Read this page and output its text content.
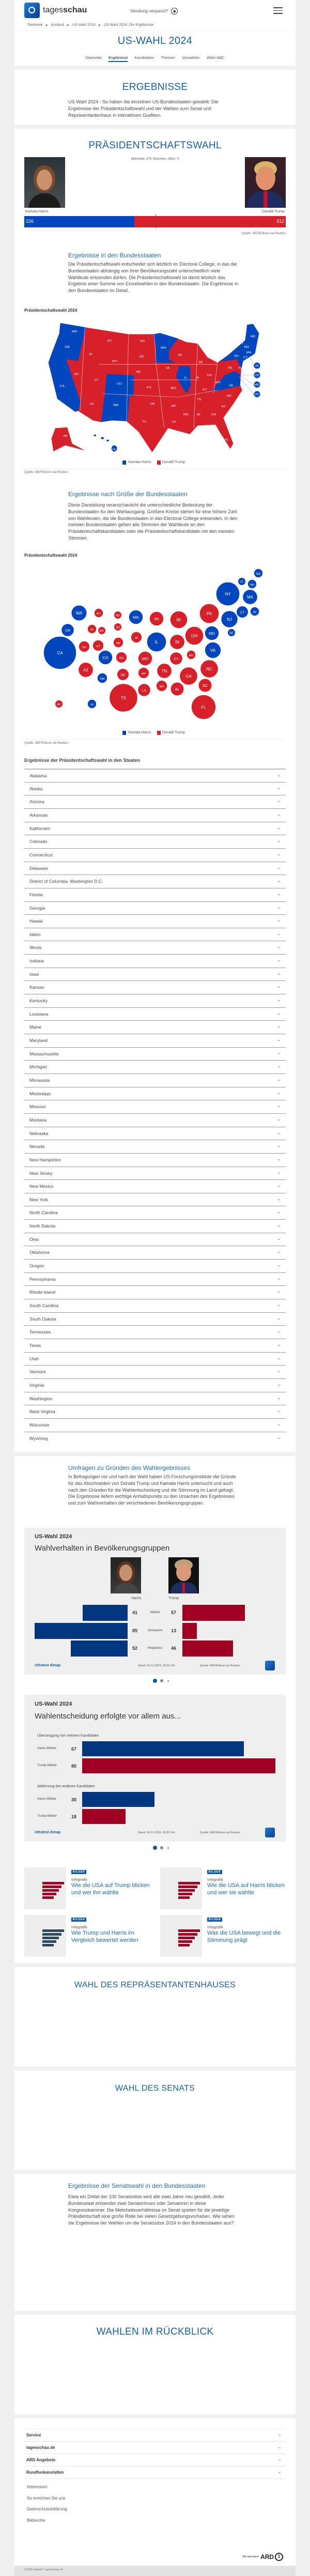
tagesschau	Sendung verpasst?
Startseite ▶ Ausland ▶ US-Wahl 2024 ▶ US-Wahl 2024: Die Ergebnisse
US-WAHL 2024
Startseite Ergebnisse Kandidaten Themen Vorwahlen Wahl-ABC
ERGEBNISSE
US-Wahl 2024 - So haben die einzelnen US-Bundesstaaten gewählt: Die Ergebnisse der Präsidentschaftswahl und der Wahlen zum Senat und Repräsentantenhaus in interaktiven Grafiken.
PRÄSIDENTSCHAFTSWAHL
Mehrheit: 270 Stimmen, offen: 0
Kamala Harris	Donald Trump
226	312
Quelle: NEP/Edison via Reuters
Ergebnisse in den Bundesstaaten
Die Präsidentschaftswahl entscheidet sich letztlich im Electoral College, in das die Bundesstaaten abhängig von ihrer Bevölkerungszahl unterschiedlich viele Wahlleute entsenden dürfen. Die Präsidentschaftswahl ist damit letztlich das Ergebnis einer Summe von Einzelwahlen in den Bundesstaaten. Die Ergebnisse in den Bundesstaaten im Detail.
Präsidentschaftswahl 2024
WA
OR
CA
ID
NV
MT
WY
UT
AZ
CO
NM
ND
SD
NE
KS
OK
TX
MN
IA
MO
AR
LA
WI
IL
MI
IN
OH
KY
TN
MS AL GA
FL
SC
NC
VA
WV
PA
NY
VT
NH
ME
MA
CT
NJ
AK
HI
RI
DE
MD
DC
Kamala Harris	Donald Trump
Quelle: NEP/Edison via Reuters
Ergebnisse nach Größe der Bundesstaaten
Diese Darstellung veranschaulicht die unterschiedliche Bedeutung der Bundesstaaten für den Wahlausgang. Größere Kreise stehen für eine höhere Zahl von Wahlleuten, die die Bundesstaaten in das Electoral College entsenden. In den meisten Bundesstaaten gehen alle Stimmen der Wahlleute an den Präsidentschaftskandidaten oder die Präsidentschaftskandidatin mit den meisten Stimmen.
Präsidentschaftswahl 2024
WA
OR
CA
ID
NV
MT
WY
UT
AZ
CO
NM
ND
SD
NE
KS
OK
TX
MN
IA
MO
AR
LA
WI
IL
MI
IN
OH
KY
TN
MS
AL
GA
FL
SC
NC
VA
WV
PA
NY
VT
NH
ME
MA
CT
NJ
AK	HI
RI
DE
MD
Kamala Harris	Donald Trump
Quelle: NEP/Edison via Reuters
Ergebnisse der Präsidentschaftswahl in den Staaten
Alabama	⌄
Alaska	⌄
Arizona	⌄
Arkansas	⌄
Kalifornien	⌄
Colorado	⌄
Connecticut	⌄
Delaware	⌄
District of Columbia, Washington D.C.	⌄
Florida	⌄
Georgia	⌄
Hawaii	⌄
Idaho	⌄
Illinois	⌄
Indiana	⌄
Iowa	⌄
Kansas	⌄
Kentucky	⌄
Louisiana	⌄
Maine	⌄
Maryland	⌄
Massachusetts	⌄
Michigan	⌄
Minnesota	⌄
Mississippi	⌄
Missouri	⌄
Montana	⌄
Nebraska	⌄
Nevada	⌄
New Hampshire	⌄
New Jersey	⌄
New Mexico	⌄
New York	⌄
North Carolina	⌄
North Dakota	⌄
Ohio	⌄
Oklahoma	⌄
Oregon	⌄
Pennsylvania	⌄
Rhode Island	⌄
South Carolina	⌄
South Dakota	⌄
Tennessee	⌄
Texas	⌄
Utah	⌄
Vermont	⌄
Virginia	⌄
Washington	⌄
West Virginia	⌄
Wisconsin	⌄
Wyoming	⌄
Umfragen zu Gründen des Wahlergebnisses
In Befragungen vor und nach der Wahl haben US-Forschungsinstitute die Gründe für das Abschneiden von Donald Trump und Kamala Harris untersucht und auch nach den Gründen für die Wahlentscheidung und die Stimmung im Land gefragt. Die Ergebnisse liefern wichtige Anhaltspunkte zu den Ursachen des Ergebnisses und zum Wahlverhalten der verschiedenen Bevölkerungsgruppen.
US-Wahl 2024
Wahlverhalten in Bevölkerungsgruppen
Harris	Trump
41	Weiße	57
85	Schwarze	13
52	Hispanics	46
infratest dimap	Stand: 06.11.2024, 20:52 Uhr	Quelle: NEP/Edison via Reuters
US-Wahl 2024
Wahlentscheidung erfolgte vor allem aus...
Überzeugung von meinem Kandidaten
Harris-Wähler	67
Trump-Wähler	80
Ablehnung des anderen Kandidaten
Harris-Wähler	30
Trump-Wähler	18
infratest dimap	Stand: 06.11.2024, 20:52 Uhr	Quelle: NEP/Edison via Reuters
BILDER
Infografik
Wie die USA auf Trump blicken und wer ihn wählte
BILDER
Infografik
Wie die USA auf Harris blicken und wer sie wählte
BILDER
Infografik
Wie Trump und Harris im Vergleich bewertet werden
BILDER
Infografik
Was die USA bewegt und die Stimmung prägt
WAHL DES REPRÄSENTANTENHAUSES
WAHL DES SENATS
Ergebnisse der Senatswahl in den Bundesstaaten
Etwa ein Drittel der 100 Senatssitze wird alle zwei Jahre neu gewählt. Jeder Bundesstaat entsendet zwei Senatorinnen oder Senatoren in diese Kongresskammer. Die Mehrheitsverhältnisse im Senat spielen für die jeweilige Präsidentschaft eine große Rolle bei vielen Gesetzgebungsvorhaben. Wie sehen die Ergebnisse der Wahlen um die Senatssitze 2024 in den Bundesstaaten aus?
WAHLEN IM RÜCKBLICK
Service	⌄
tagesschau.de	⌄
ARD Angebote	⌄
Rundfunkanstalten	⌄
Impressum
So erreichen Sie uns
Datenschutzerklärung
Bildrechte
Wir sind deins. ARD 1
© ARD-aktuell / tagesschau.de
